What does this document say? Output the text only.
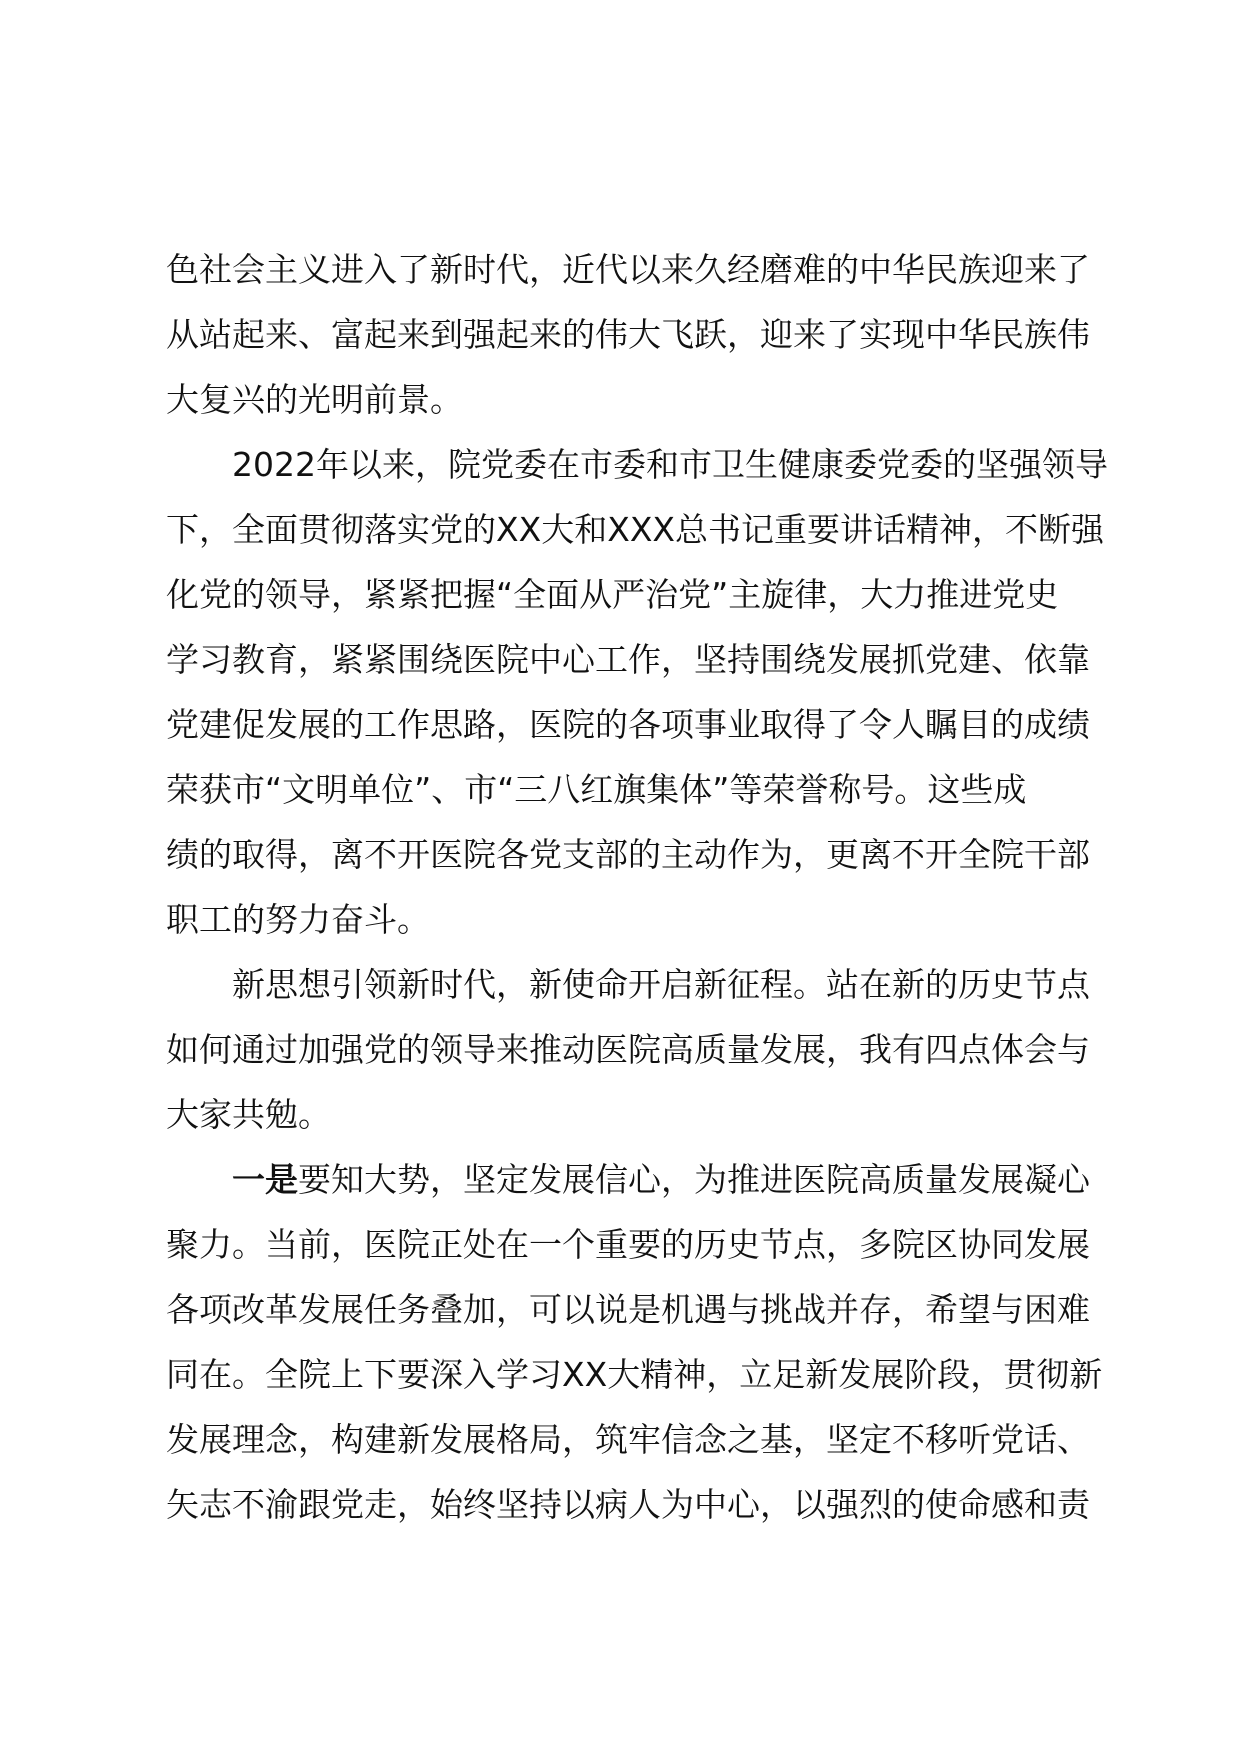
色社会主义进入了新时代，近代以来久经磨难的中华民族迎来了
从站起来、富起来到强起来的伟大飞跃，迎来了实现中华民族伟
大复兴的光明前景。
2022年以来，院党委在市委和市卫生健康委党委的坚强领导
下，全面贯彻落实党的XX大和XXX总书记重要讲话精神，不断强
化党的领导，紧紧把握“全面从严治党”主旋律，大力推进党史
学习教育，紧紧围绕医院中心工作，坚持围绕发展抓党建、依靠
党建促发展的工作思路，医院的各项事业取得了令人瞩目的成绩
荣获市“文明单位”、市“三八红旗集体”等荣誉称号。这些成
绩的取得，离不开医院各党支部的主动作为，更离不开全院干部
职工的努力奋斗。
新思想引领新时代，新使命开启新征程。站在新的历史节点
如何通过加强党的领导来推动医院高质量发展，我有四点体会与
大家共勉。
一是要知大势，坚定发展信心，为推进医院高质量发展凝心
聚力。当前，医院正处在一个重要的历史节点，多院区协同发展
各项改革发展任务叠加，可以说是机遇与挑战并存，希望与困难
同在。全院上下要深入学习XX大精神，立足新发展阶段，贯彻新
发展理念，构建新发展格局，筑牢信念之基，坚定不移听党话、
矢志不渝跟党走，始终坚持以病人为中心，以强烈的使命感和责
